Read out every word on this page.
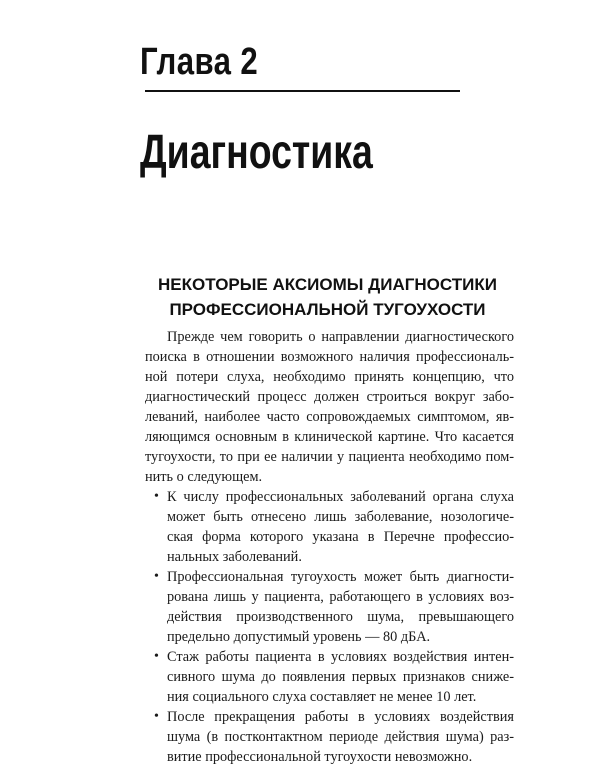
Глава 2
Диагностика
НЕКОТОРЫЕ АКСИОМЫ ДИАГНОСТИКИ
ПРОФЕССИОНАЛЬНОЙ ТУГОУХОСТИ
Прежде чем говорить о направлении диагностического
поиска в отношении возможного наличия профессиональ-
ной потери слуха, необходимо принять концепцию, что
диагностический процесс должен строиться вокруг забо-
леваний, наиболее часто сопровождаемых симптомом, яв-
ляющимся основным в клинической картине. Что касается
тугоухости, то при ее наличии у пациента необходимо пом-
нить о следующем.
• К числу профессиональных заболеваний органа слуха
может быть отнесено лишь заболевание, нозологиче-
ская форма которого указана в Перечне профессио-
нальных заболеваний.
• Профессиональная тугоухость может быть диагности-
рована лишь у пациента, работающего в условиях воз-
действия производственного шума, превышающего
предельно допустимый уровень — 80 дБА.
• Стаж работы пациента в условиях воздействия интен-
сивного шума до появления первых признаков сниже-
ния социального слуха составляет не менее 10 лет.
• После прекращения работы в условиях воздействия
шума (в постконтактном периоде действия шума) раз-
витие профессиональной тугоухости невозможно.
